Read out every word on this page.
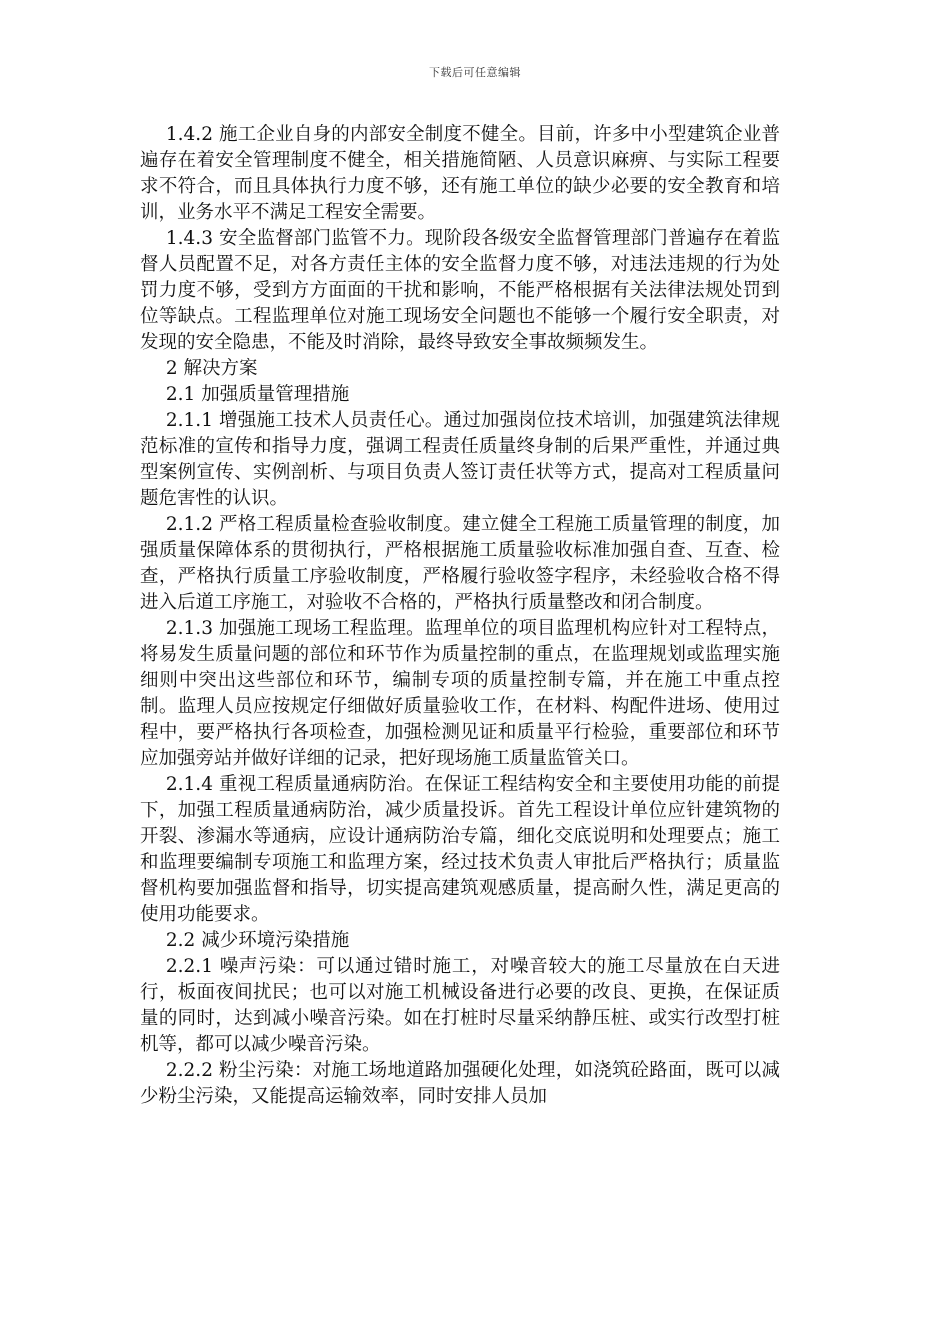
下载后可任意编辑

1.4.2 施工企业自身的内部安全制度不健全。目前，许多中小型建筑企业普遍存在着安全管理制度不健全，相关措施简陋、人员意识麻痹、与实际工程要求不符合，而且具体执行力度不够，还有施工单位的缺少必要的安全教育和培训，业务水平不满足工程安全需要。

1.4.3 安全监督部门监管不力。现阶段各级安全监督管理部门普遍存在着监督人员配置不足，对各方责任主体的安全监督力度不够，对违法违规的行为处罚力度不够，受到方方面面的干扰和影响，不能严格根据有关法律法规处罚到位等缺点。工程监理单位对施工现场安全问题也不能够一个履行安全职责，对发现的安全隐患，不能及时消除，最终导致安全事故频频发生。

2 解决方案

2.1 加强质量管理措施

2.1.1 增强施工技术人员责任心。通过加强岗位技术培训，加强建筑法律规范标准的宣传和指导力度，强调工程责任质量终身制的后果严重性，并通过典型案例宣传、实例剖析、与项目负责人签订责任状等方式，提高对工程质量问题危害性的认识。

2.1.2 严格工程质量检查验收制度。建立健全工程施工质量管理的制度，加强质量保障体系的贯彻执行，严格根据施工质量验收标准加强自查、互查、检查，严格执行质量工序验收制度，严格履行验收签字程序，未经验收合格不得进入后道工序施工，对验收不合格的，严格执行质量整改和闭合制度。

2.1.3 加强施工现场工程监理。监理单位的项目监理机构应针对工程特点，将易发生质量问题的部位和环节作为质量控制的重点，在监理规划或监理实施细则中突出这些部位和环节，编制专项的质量控制专篇，并在施工中重点控制。监理人员应按规定仔细做好质量验收工作，在材料、构配件进场、使用过程中，要严格执行各项检查，加强检测见证和质量平行检验，重要部位和环节应加强旁站并做好详细的记录，把好现场施工质量监管关口。

2.1.4 重视工程质量通病防治。在保证工程结构安全和主要使用功能的前提下，加强工程质量通病防治，减少质量投诉。首先工程设计单位应针建筑物的开裂、渗漏水等通病，应设计通病防治专篇，细化交底说明和处理要点；施工和监理要编制专项施工和监理方案，经过技术负责人审批后严格执行；质量监督机构要加强监督和指导，切实提高建筑观感质量，提高耐久性，满足更高的使用功能要求。

2.2 减少环境污染措施

2.2.1 噪声污染：可以通过错时施工，对噪音较大的施工尽量放在白天进行，板面夜间扰民；也可以对施工机械设备进行必要的改良、更换，在保证质量的同时，达到减小噪音污染。如在打桩时尽量采纳静压桩、或实行改型打桩机等，都可以减少噪音污染。

2.2.2 粉尘污染：对施工场地道路加强硬化处理，如浇筑砼路面，既可以减少粉尘污染，又能提高运输效率，同时安排人员加
